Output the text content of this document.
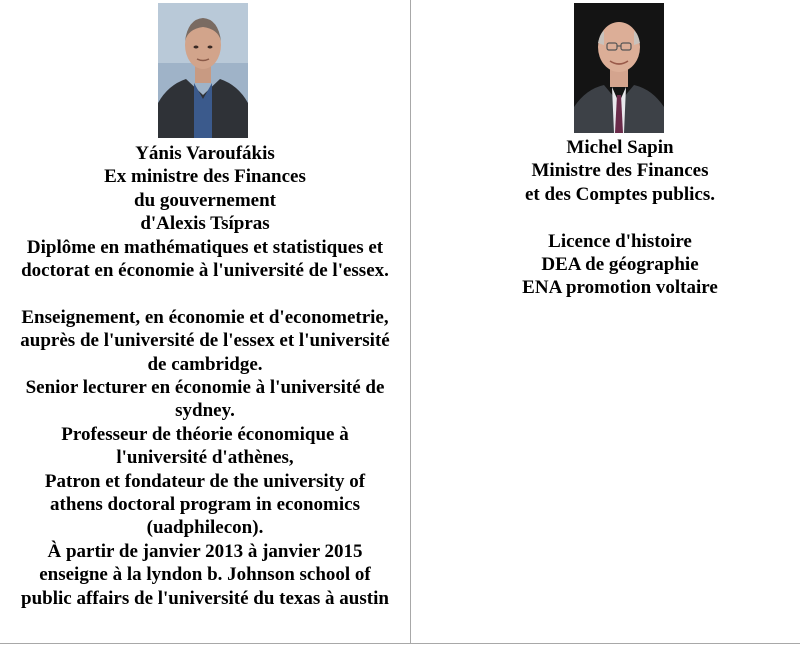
Yánis Varoufákis
Ex ministre des Finances
du gouvernement
d'Alexis Tsípras
Diplôme en mathématiques et statistiques et
doctorat en économie à l'université de l'essex.
Enseignement, en économie et d'econometrie,
auprès de l'université de l'essex et l'université
de cambridge.
Senior lecturer en économie à l'université de
sydney.
Professeur de théorie économique à
l'université d'athènes,
Patron et fondateur de the university of
athens doctoral program in economics
(uadphilecon).
À partir de janvier 2013 à janvier 2015
enseigne à la lyndon b. Johnson school of
public affairs de l'université du texas à austin
Michel Sapin
Ministre des Finances
et des Comptes publics.
Licence d'histoire
DEA de géographie
ENA promotion voltaire
